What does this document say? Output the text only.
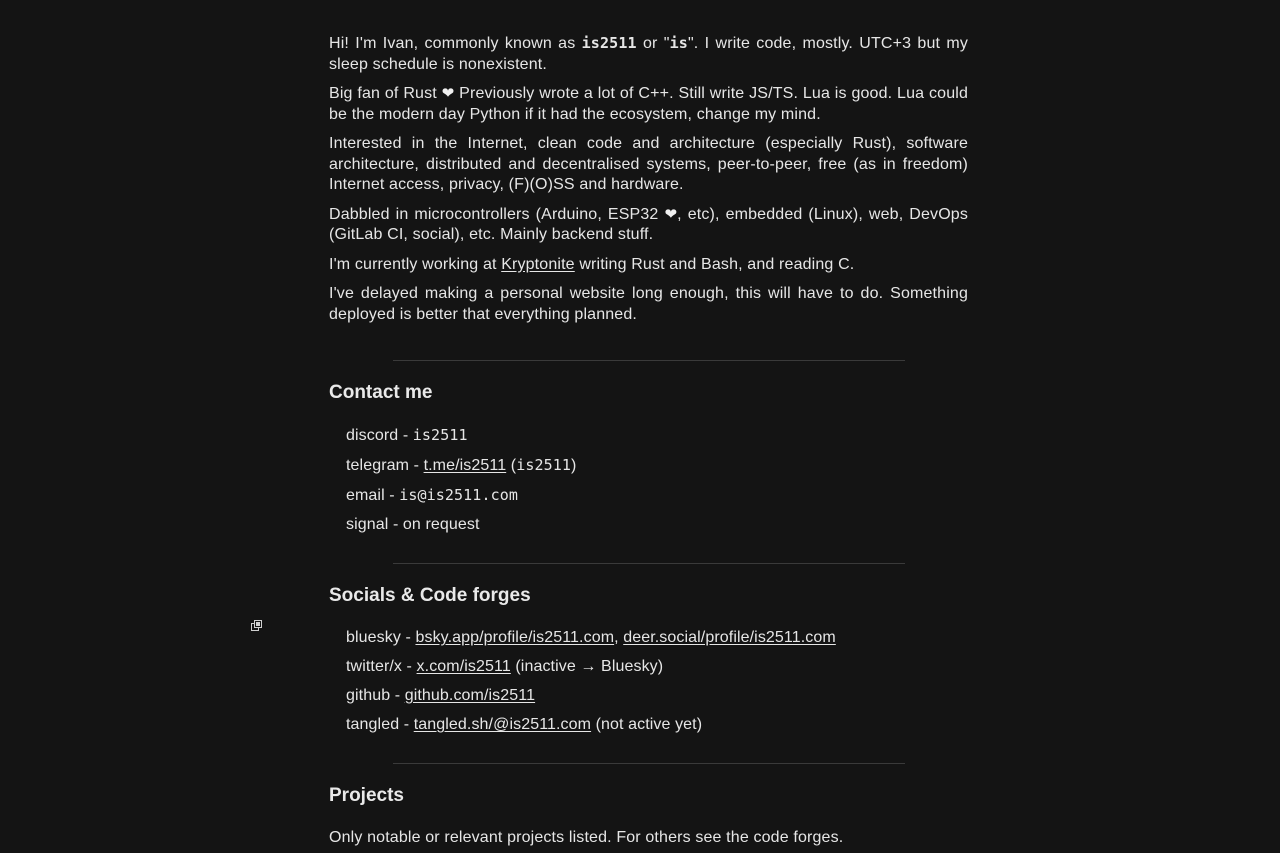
Hi! I'm Ivan, commonly known as is2511 or "is". I write code, mostly. UTC+3 but my sleep schedule is nonexistent.

Big fan of Rust ❤ Previously wrote a lot of C++. Still write JS/TS. Lua is good. Lua could be the modern day Python if it had the ecosystem, change my mind.

Interested in the Internet, clean code and architecture (especially Rust), software architecture, distributed and decentralised systems, peer-to-peer, free (as in freedom) Internet access, privacy, (F)(O)SS and hardware.

Dabbled in microcontrollers (Arduino, ESP32 ❤, etc), embedded (Linux), web, DevOps (GitLab CI, social), etc. Mainly backend stuff.

I'm currently working at Kryptonite writing Rust and Bash, and reading C.

I've delayed making a personal website long enough, this will have to do. Something deployed is better that everything planned.

Contact me
discord - is2511
telegram - t.me/is2511 (is2511)
email - is@is2511.com
signal - on request
Socials & Code forges
bluesky - bsky.app/profile/is2511.com, deer.social/profile/is2511.com
twitter/x - x.com/is2511 (inactive → Bluesky)
github - github.com/is2511
tangled - tangled.sh/@is2511.com (not active yet)
Projects

Only notable or relevant projects listed. For others see the code forges.
